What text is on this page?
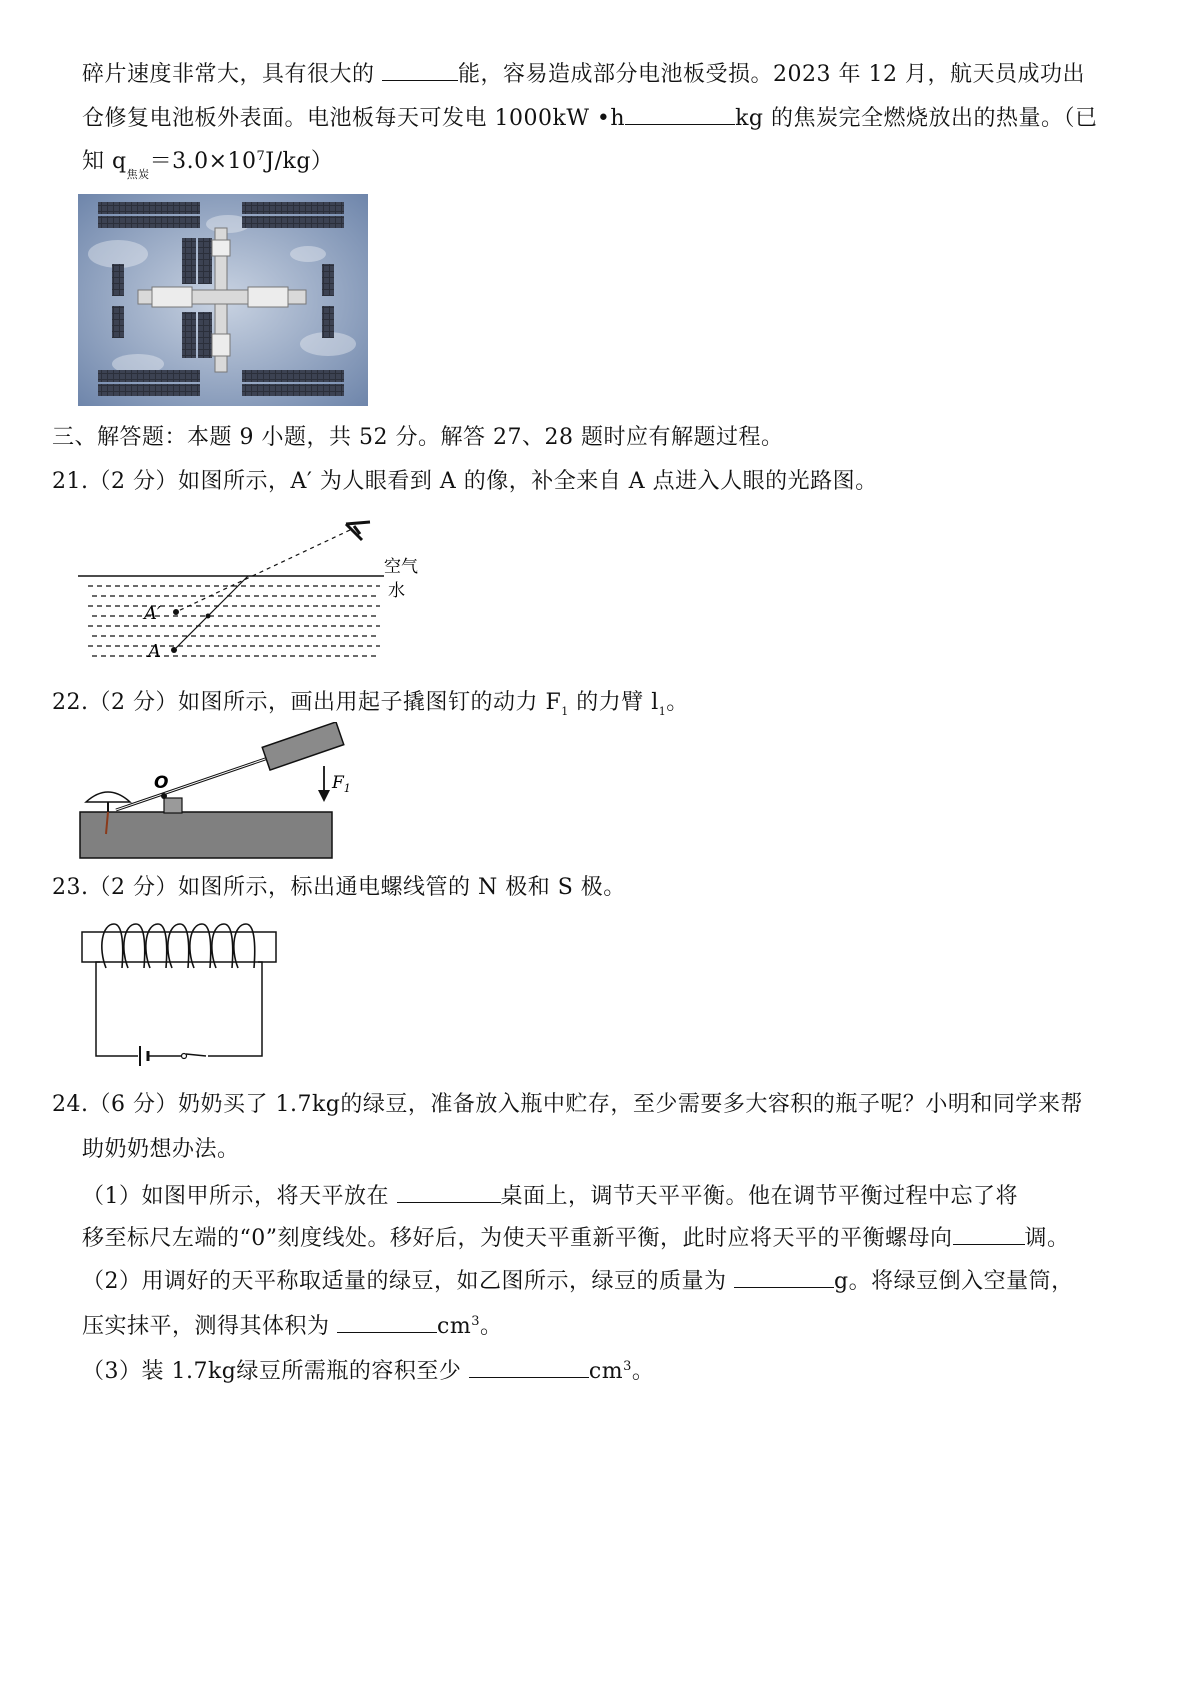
碎片速度非常大，具有很大的	能，容易造成部分电池板受损。2023 年 12 月，航天员成功出
仓修复电池板外表面。电池板每天可发电 1000kW •h	kg 的焦炭完全燃烧放出的热量。（已
知 $q_{焦炭}=3.0\times 10^7J/kg$）
三、解答题：本题 9 小题，共 52 分。解答 27、28 题时应有解题过程。
21.（2 分）如图所示，A′ 为人眼看到 A 的像，补全来自 A 点进入人眼的光路图。
A′
A
空气
水
22.（2 分）如图所示，画出用起子撬图钉的动力 $F_1$ 的力臂 $l_1$。
O	$F_1$
23.（2 分）如图所示，标出通电螺线管的 N 极和 S 极。
24.（6 分）奶奶买了 1.7kg的绿豆，准备放入瓶中贮存，至少需要多大容积的瓶子呢？小明和同学来帮
助奶奶想办法。
（1）如图甲所示，将天平放在	桌面上，调节天平平衡。他在调节平衡过程中忘了将
移至标尺左端的“0”刻度线处。移好后，为使天平重新平衡，此时应将天平的平衡螺母向	调。
（2）用调好的天平称取适量的绿豆，如乙图所示，绿豆的质量为	g。将绿豆倒入空量筒，
压实抹平，测得其体积为	$cm^3$。
（3）装 1.7kg绿豆所需瓶的容积至少	$cm^3$。
